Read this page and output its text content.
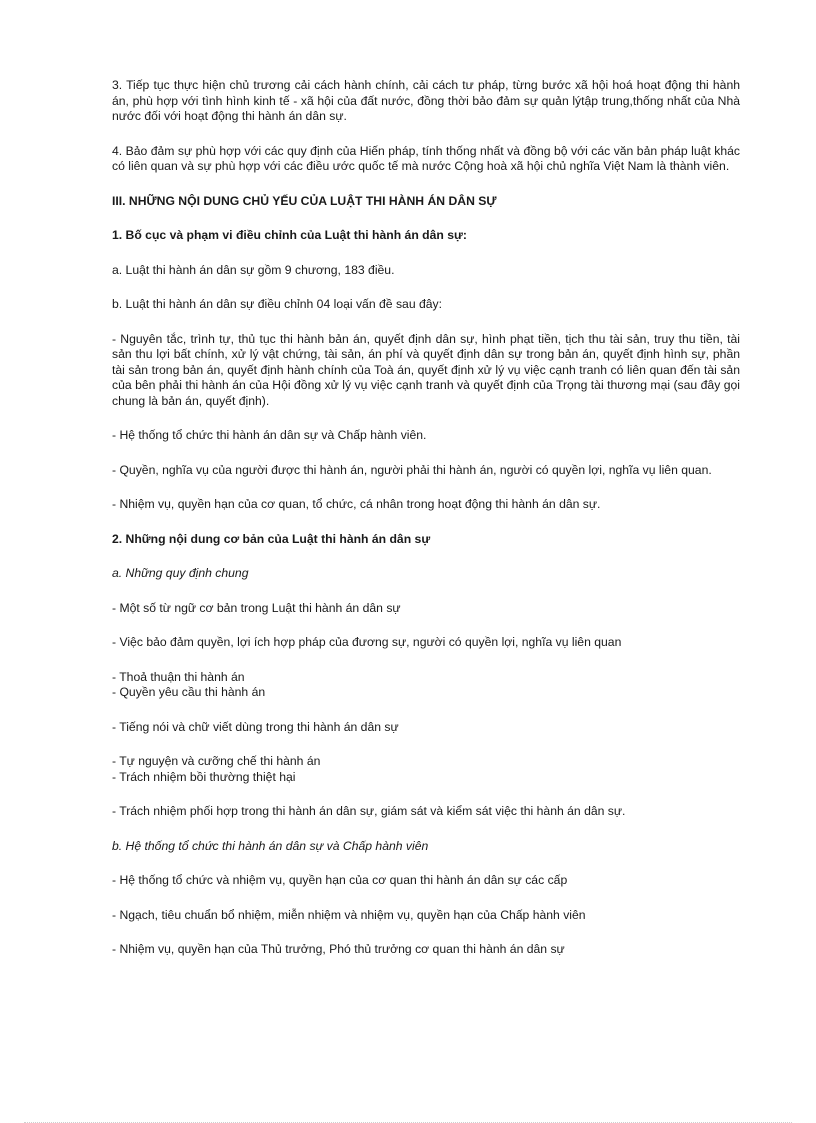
3. Tiếp tục thực hiện chủ trương cải cách hành chính, cải cách tư pháp, từng bước xã hội hoá hoạt động thi hành án, phù hợp với tình hình kinh tế - xã hội của đất nước, đồng thời bảo đảm sự quản lýtập trung,thống nhất của Nhà nước đối với hoạt động thi hành án dân sự.

4. Bảo đảm sự phù hợp với các quy định của Hiến pháp, tính thống nhất và đồng bộ với các văn bản pháp luật khác có liên quan và sự phù hợp với các điều ước quốc tế mà nước Cộng hoà xã hội chủ nghĩa Việt Nam là thành viên.

III. NHỮNG NỘI DUNG CHỦ YẾU CỦA LUẬT THI HÀNH ÁN DÂN SỰ

1. Bố cục và phạm vi điều chỉnh của Luật thi hành án dân sự:

a. Luật thi hành án dân sự gồm 9 chương, 183 điều.

b. Luật thi hành án dân sự điều chỉnh 04 loại vấn đề sau đây:

- Nguyên tắc, trình tự, thủ tục thi hành bản án, quyết định dân sự, hình phạt tiền, tịch thu tài sản, truy thu tiền, tài sản thu lợi bất chính, xử lý vật chứng, tài sản, án phí và quyết định dân sự trong bản án, quyết định hình sự, phần tài sản trong bản án, quyết định hành chính của Toà án, quyết định xử lý vụ việc cạnh tranh có liên quan đến tài sản của bên phải thi hành án của Hội đồng xử lý vụ việc cạnh tranh và quyết định của Trọng tài thương mại (sau đây gọi chung là bản án, quyết định).

- Hệ thống tổ chức thi hành án dân sự và Chấp hành viên.

- Quyền, nghĩa vụ của người được thi hành án, người phải thi hành án, người có quyền lợi, nghĩa vụ liên quan.

- Nhiệm vụ, quyền hạn của cơ quan, tổ chức, cá nhân trong hoạt động thi hành án dân sự.

2. Những nội dung cơ bản của Luật thi hành án dân sự

a. Những quy định chung

- Một số từ ngữ cơ bản trong Luật thi hành án dân sự

- Việc bảo đảm quyền, lợi ích hợp pháp của đương sự, người có quyền lợi, nghĩa vụ liên quan

- Thoả thuận thi hành án

- Quyền yêu cầu thi hành án

- Tiếng nói và chữ viết dùng trong thi hành án dân sự

- Tự nguyện và cưỡng chế thi hành án

- Trách nhiệm bồi thường thiệt hại

- Trách nhiệm phối hợp trong thi hành án dân sự, giám sát và kiểm sát việc thi hành án dân sự.

b. Hệ thống tổ chức thi hành án dân sự và Chấp hành viên

- Hệ thống tổ chức và nhiệm vụ, quyền hạn của cơ quan thi hành án dân sự các cấp

- Ngạch, tiêu chuẩn bổ nhiệm, miễn nhiệm và nhiệm vụ, quyền hạn của Chấp hành viên

- Nhiệm vụ, quyền hạn của Thủ trưởng, Phó thủ trưởng cơ quan thi hành án dân sự
